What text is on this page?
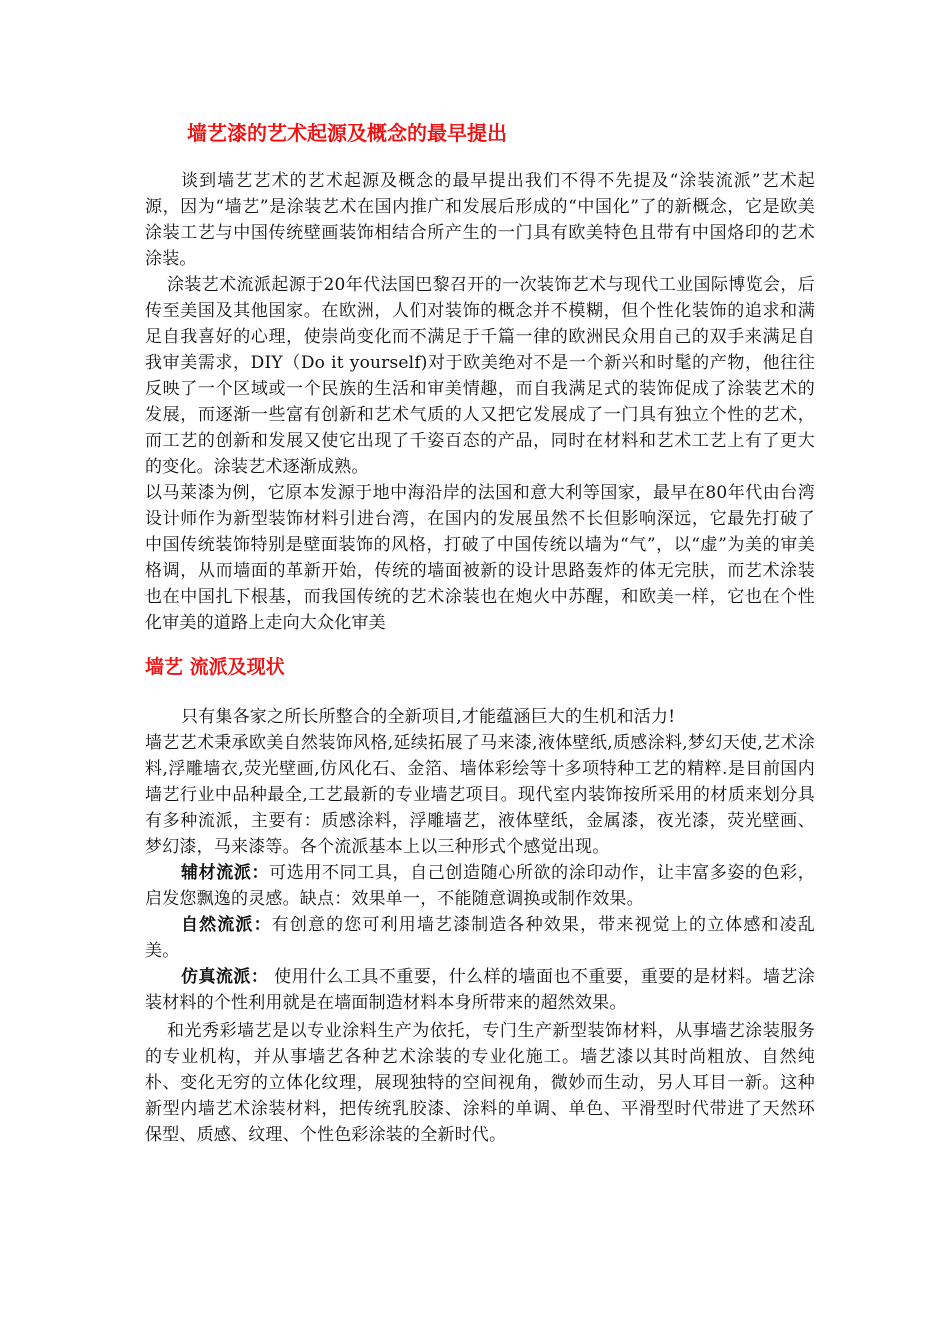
墙艺漆的艺术起源及概念的最早提出

谈到墙艺艺术的艺术起源及概念的最早提出我们不得不先提及“涂装流派”艺术起源，因为“墙艺”是涂装艺术在国内推广和发展后形成的“中国化”了的新概念，它是欧美涂装工艺与中国传统壁画装饰相结合所产生的一门具有欧美特色且带有中国烙印的艺术涂装。

涂装艺术流派起源于20年代法国巴黎召开的一次装饰艺术与现代工业国际博览会，后传至美国及其他国家。在欧洲，人们对装饰的概念并不模糊，但个性化装饰的追求和满足自我喜好的心理，使崇尚变化而不满足于千篇一律的欧洲民众用自己的双手来满足自我审美需求，DIY（Do it yourself)对于欧美绝对不是一个新兴和时髦的产物，他往往反映了一个区域或一个民族的生活和审美情趣，而自我满足式的装饰促成了涂装艺术的发展，而逐渐一些富有创新和艺术气质的人又把它发展成了一门具有独立个性的艺术，而工艺的创新和发展又使它出现了千姿百态的产品，同时在材料和艺术工艺上有了更大的变化。涂装艺术逐渐成熟。

以马莱漆为例，它原本发源于地中海沿岸的法国和意大利等国家，最早在80年代由台湾设计师作为新型装饰材料引进台湾，在国内的发展虽然不长但影响深远，它最先打破了中国传统装饰特别是壁面装饰的风格，打破了中国传统以墙为“气”，以“虚”为美的审美格调，从而墙面的革新开始，传统的墙面被新的设计思路轰炸的体无完肤，而艺术涂装也在中国扎下根基，而我国传统的艺术涂装也在炮火中苏醒，和欧美一样，它也在个性化审美的道路上走向大众化审美

墙艺 流派及现状

只有集各家之所长所整合的全新项目,才能蕴涵巨大的生机和活力!

墙艺艺术秉承欧美自然装饰风格,延续拓展了马来漆,液体壁纸,质感涂料,梦幻天使,艺术涂料,浮雕墙衣,荧光壁画,仿风化石、金箔、墙体彩绘等十多项特种工艺的精粹.是目前国内墙艺行业中品种最全,工艺最新的专业墙艺项目。现代室内装饰按所采用的材质来划分具有多种流派，主要有：质感涂料，浮雕墙艺，液体壁纸，金属漆，夜光漆，荧光壁画、梦幻漆，马来漆等。各个流派基本上以三种形式个感觉出现。

辅材流派：可选用不同工具，自己创造随心所欲的涂印动作，让丰富多姿的色彩，启发您飘逸的灵感。缺点：效果单一，不能随意调换或制作效果。

自然流派：有创意的您可利用墙艺漆制造各种效果，带来视觉上的立体感和凌乱美。

仿真流派： 使用什么工具不重要，什么样的墙面也不重要，重要的是材料。墙艺涂装材料的个性利用就是在墙面制造材料本身所带来的超然效果。

和光秀彩墙艺是以专业涂料生产为依托，专门生产新型装饰材料，从事墙艺涂装服务的专业机构，并从事墙艺各种艺术涂装的专业化施工。墙艺漆以其时尚粗放、自然纯朴、变化无穷的立体化纹理，展现独特的空间视角，微妙而生动，另人耳目一新。这种新型内墙艺术涂装材料，把传统乳胶漆、涂料的单调、单色、平滑型时代带进了天然环保型、质感、纹理、个性色彩涂装的全新时代。
